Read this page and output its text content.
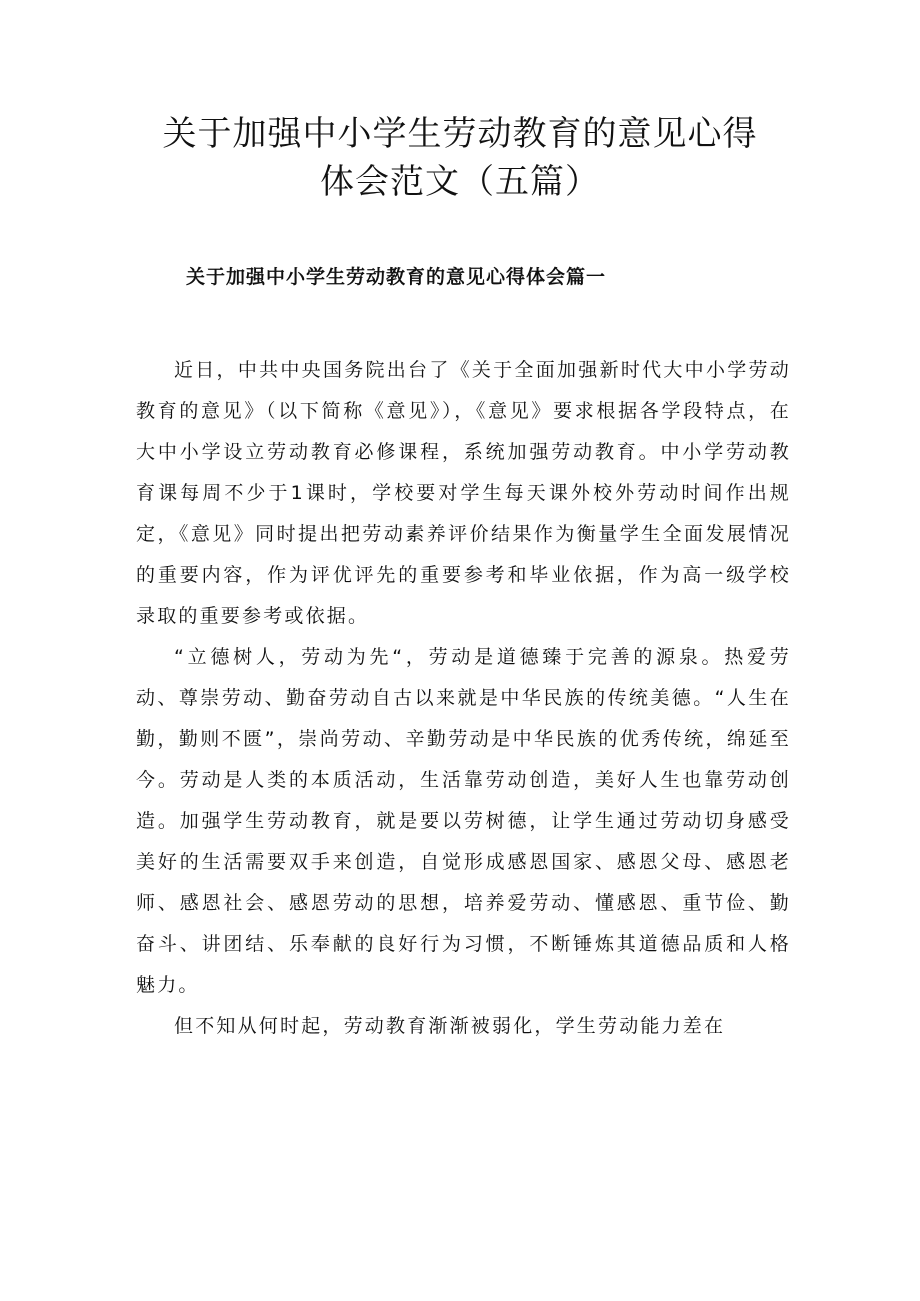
关于加强中小学生劳动教育的意见心得
体会范文（五篇）
关于加强中小学生劳动教育的意见心得体会篇一

近日，中共中央国务院出台了《关于全面加强新时代大中小学劳动教育的意见》（以下简称《意见》），《意见》要求根据各学段特点，在大中小学设立劳动教育必修课程，系统加强劳动教育。中小学劳动教育课每周不少于1课时，学校要对学生每天课外校外劳动时间作出规定，《意见》同时提出把劳动素养评价结果作为衡量学生全面发展情况的重要内容，作为评优评先的重要参考和毕业依据，作为高一级学校录取的重要参考或依据。

“立德树人，劳动为先“，劳动是道德臻于完善的源泉。热爱劳动、尊崇劳动、勤奋劳动自古以来就是中华民族的传统美德。“人生在勤，勤则不匮”，崇尚劳动、辛勤劳动是中华民族的优秀传统，绵延至今。劳动是人类的本质活动，生活靠劳动创造，美好人生也靠劳动创造。加强学生劳动教育，就是要以劳树德，让学生通过劳动切身感受美好的生活需要双手来创造，自觉形成感恩国家、感恩父母、感恩老师、感恩社会、感恩劳动的思想，培养爱劳动、懂感恩、重节俭、勤奋斗、讲团结、乐奉献的良好行为习惯，不断锤炼其道德品质和人格魅力。

但不知从何时起，劳动教育渐渐被弱化，学生劳动能力差在
